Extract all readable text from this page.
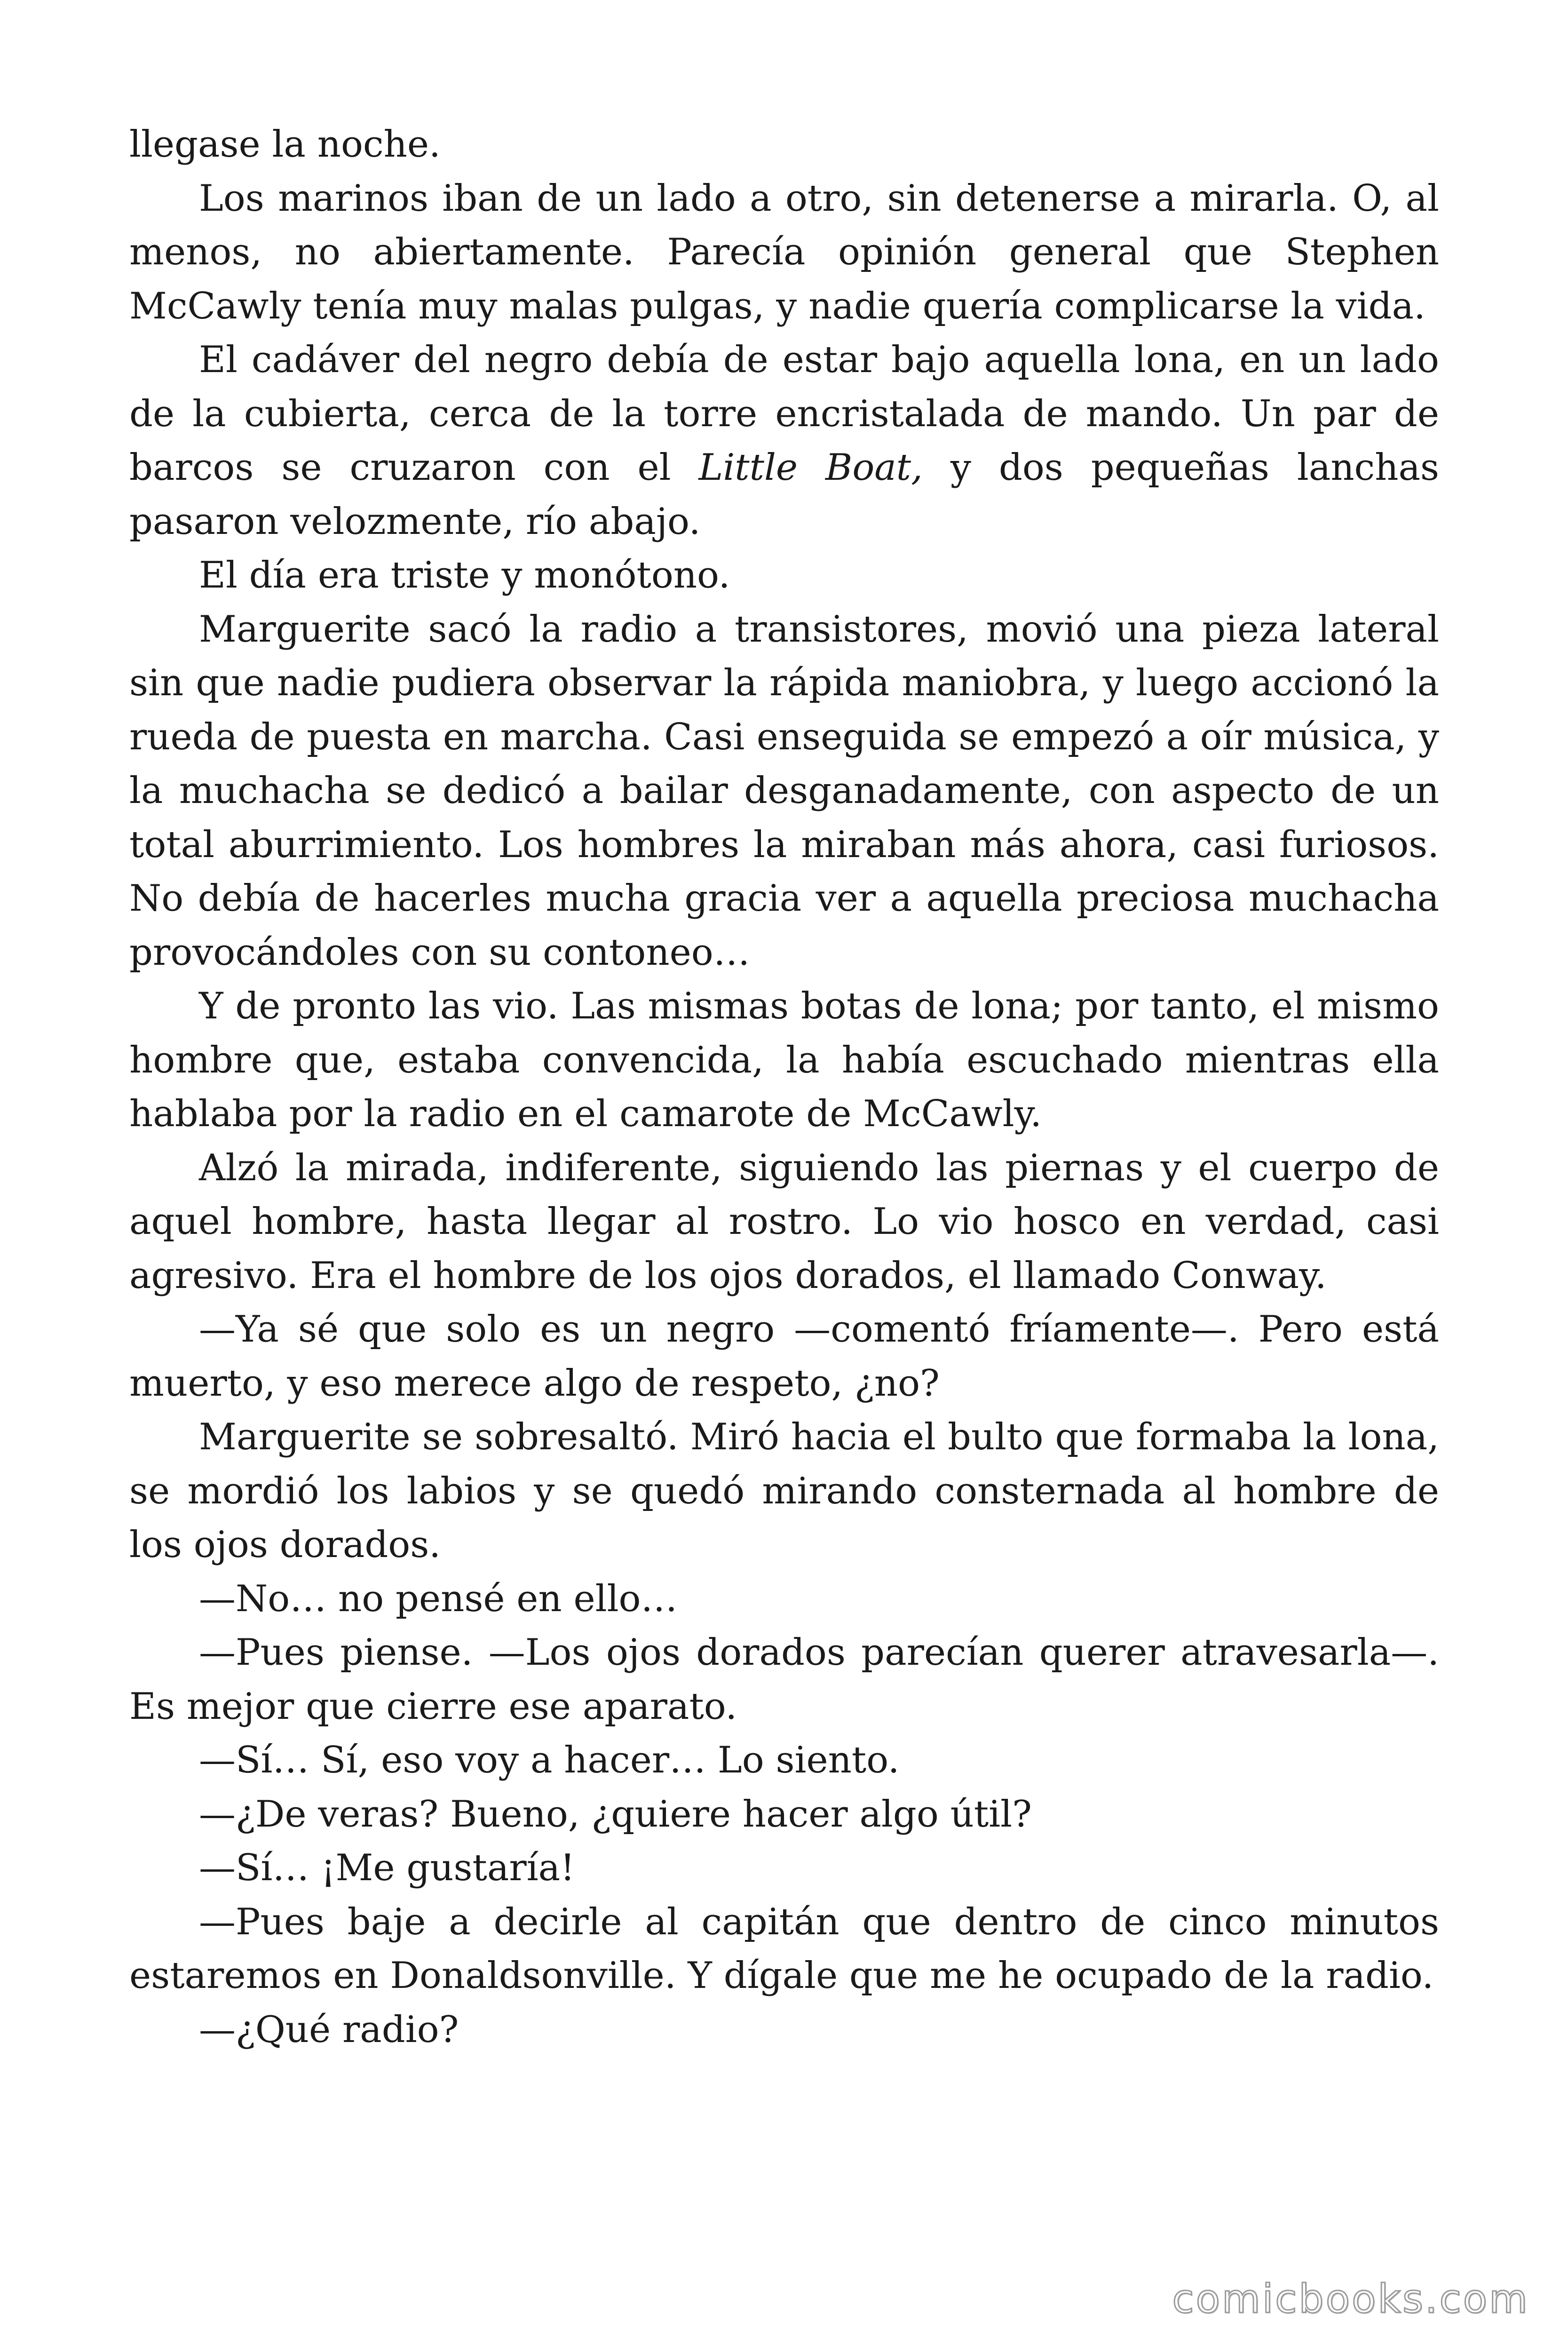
llegase la noche.

Los marinos iban de un lado a otro, sin detenerse a mirarla. O, al menos, no abiertamente. Parecía opinión general que Stephen McCawly tenía muy malas pulgas, y nadie quería complicarse la vida.

El cadáver del negro debía de estar bajo aquella lona, en un lado de la cubierta, cerca de la torre encristalada de mando. Un par de barcos se cruzaron con el Little Boat, y dos pequeñas lanchas pasaron velozmente, río abajo.

El día era triste y monótono.

Marguerite sacó la radio a transistores, movió una pieza lateral sin que nadie pudiera observar la rápida maniobra, y luego accionó la rueda de puesta en marcha. Casi enseguida se empezó a oír música, y la muchacha se dedicó a bailar desganadamente, con aspecto de un total aburrimiento. Los hombres la miraban más ahora, casi furiosos. No debía de hacerles mucha gracia ver a aquella preciosa muchacha provocándoles con su contoneo…

Y de pronto las vio. Las mismas botas de lona; por tanto, el mismo hombre que, estaba convencida, la había escuchado mientras ella hablaba por la radio en el camarote de McCawly.

Alzó la mirada, indiferente, siguiendo las piernas y el cuerpo de aquel hombre, hasta llegar al rostro. Lo vio hosco en verdad, casi agresivo. Era el hombre de los ojos dorados, el llamado Conway.

—Ya sé que solo es un negro —comentó fríamente—. Pero está muerto, y eso merece algo de respeto, ¿no?

Marguerite se sobresaltó. Miró hacia el bulto que formaba la lona, se mordió los labios y se quedó mirando consternada al hombre de los ojos dorados.

—No… no pensé en ello…

—Pues piense. —Los ojos dorados parecían querer atravesarla—. Es mejor que cierre ese aparato.

—Sí… Sí, eso voy a hacer… Lo siento.

—¿De veras? Bueno, ¿quiere hacer algo útil?

—Sí… ¡Me gustaría!

—Pues baje a decirle al capitán que dentro de cinco minutos estaremos en Donaldsonville. Y dígale que me he ocupado de la radio.

—¿Qué radio?

comicbooks.com
